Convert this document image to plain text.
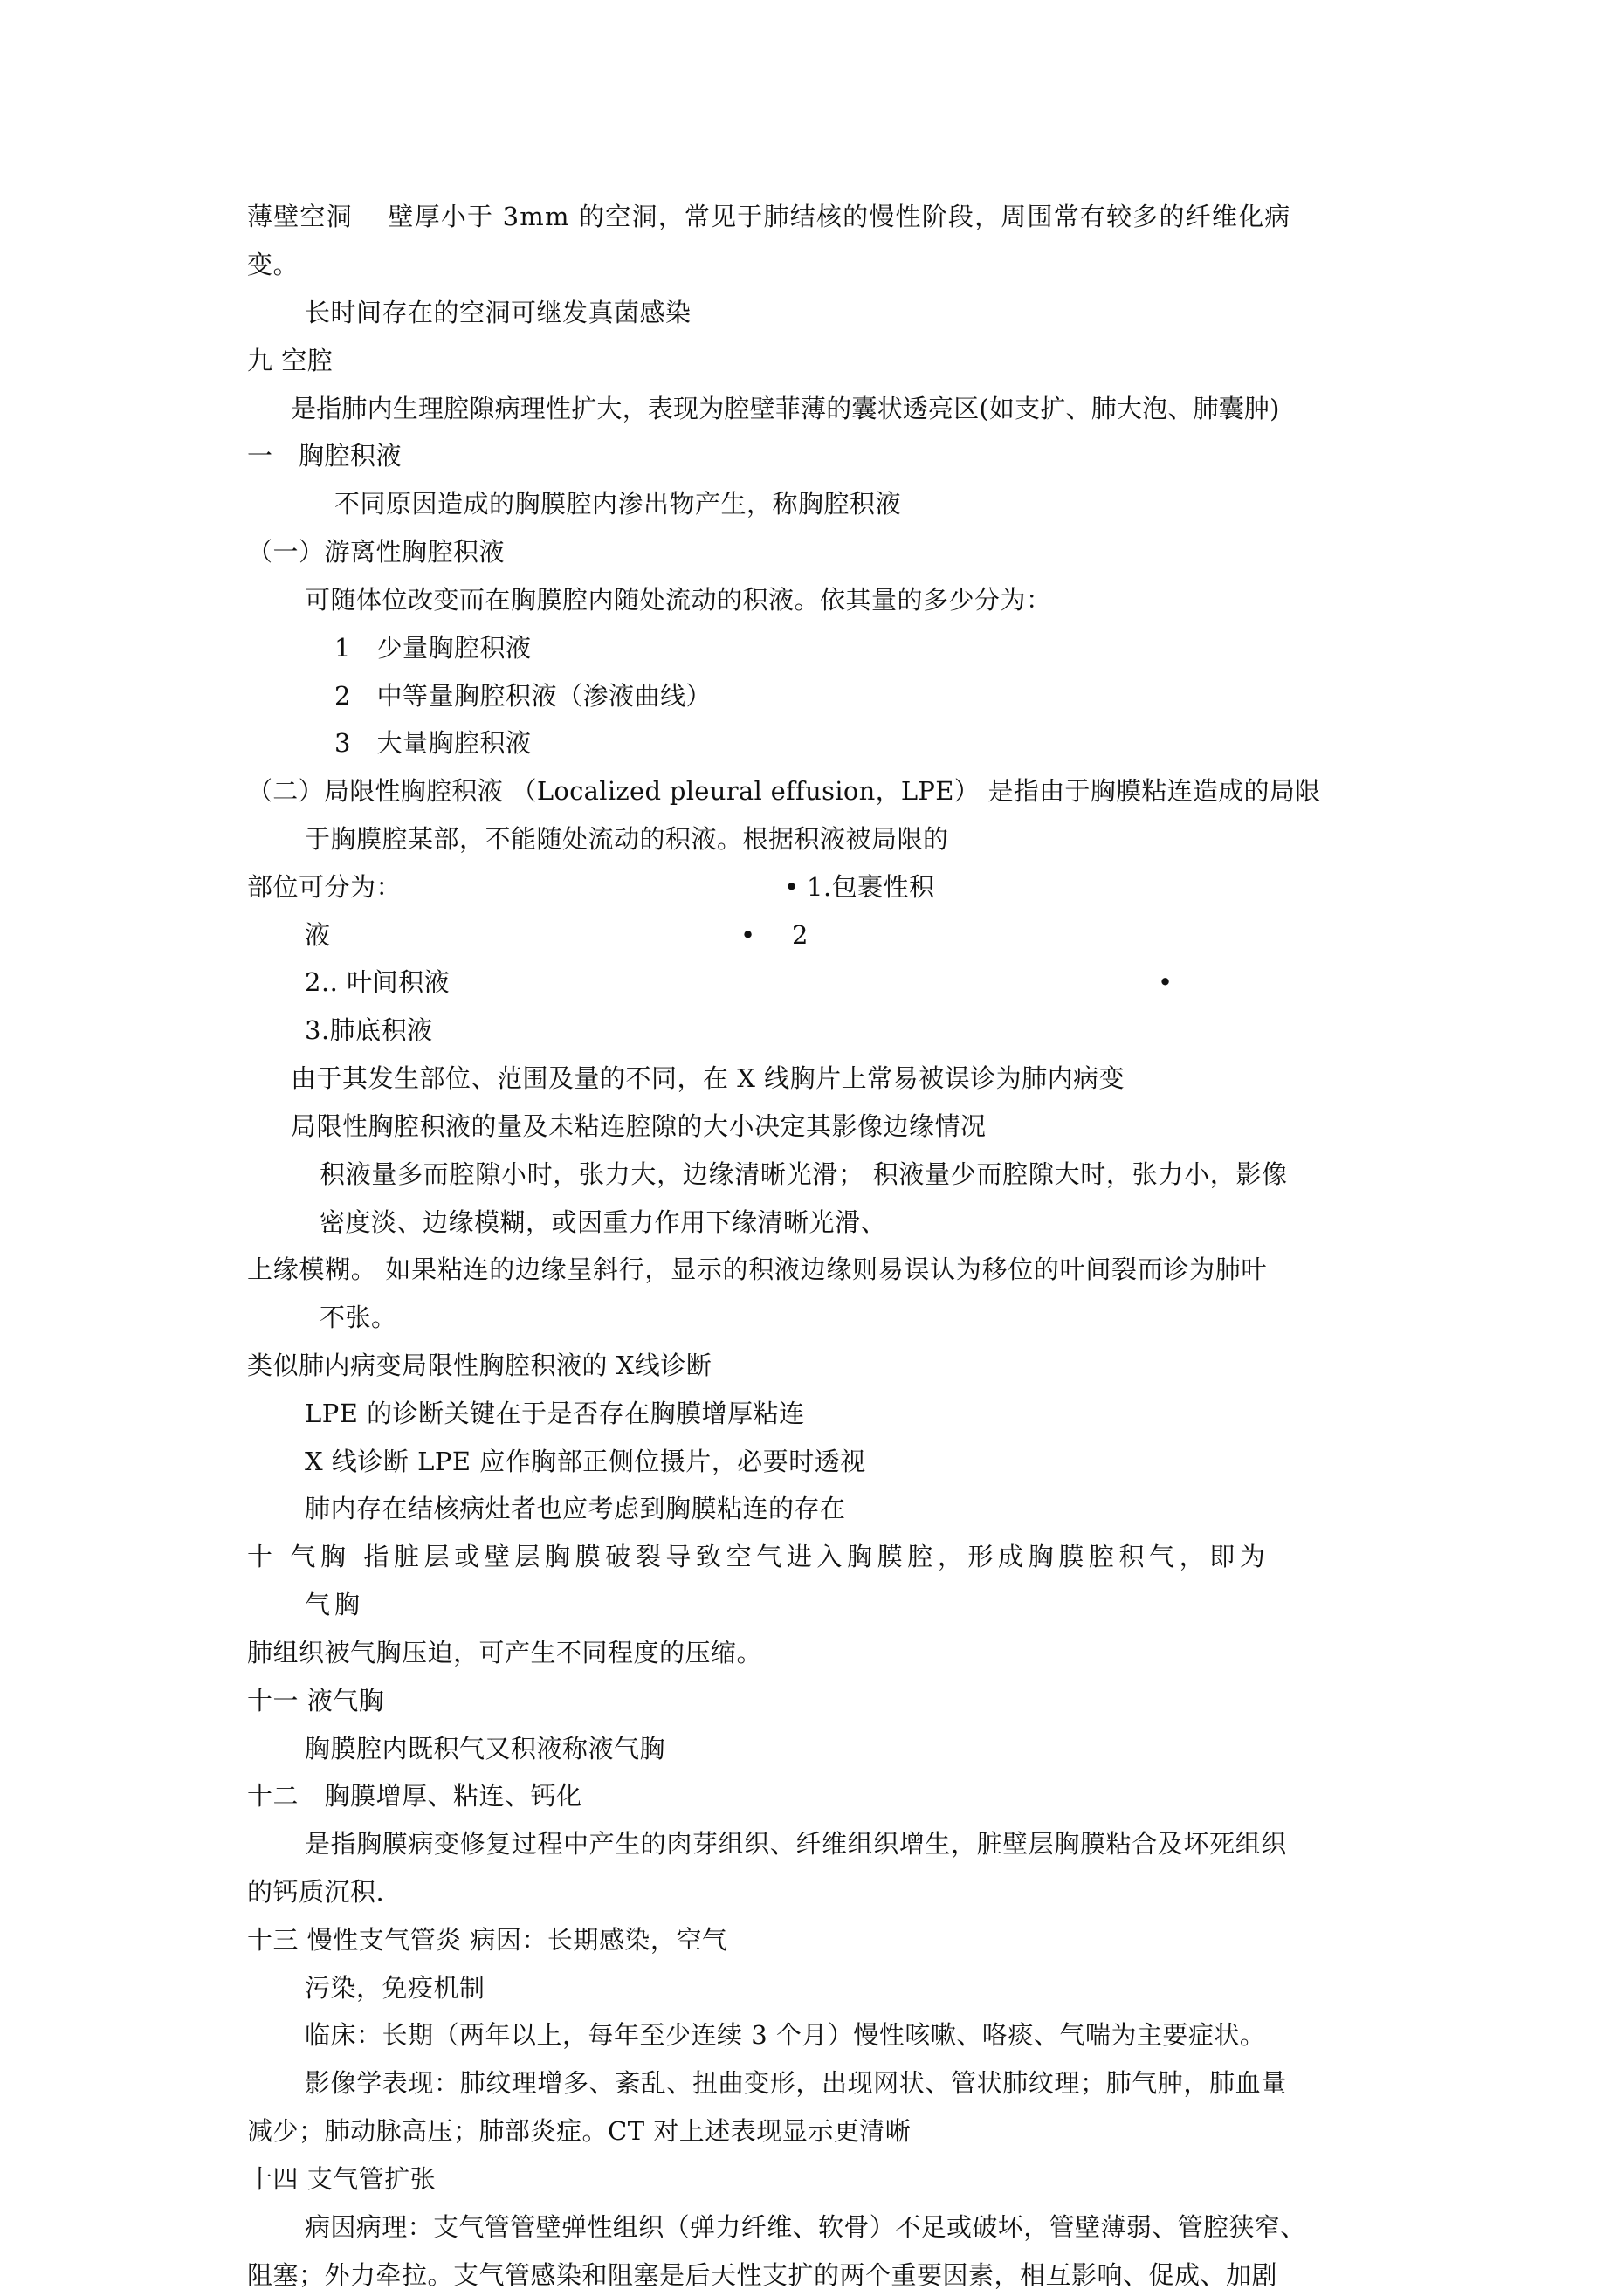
薄壁空洞　 壁厚小于 3mm 的空洞，常见于肺结核的慢性阶段，周围常有较多的纤维化病
变。
长时间存在的空洞可继发真菌感染
九 空腔
是指肺内生理腔隙病理性扩大，表现为腔壁菲薄的囊状透亮区(如支扩、肺大泡、肺囊肿)
一　胸腔积液
不同原因造成的胸膜腔内渗出物产生，称胸腔积液
（一）游离性胸腔积液
可随体位改变而在胸膜腔内随处流动的积液。依其量的多少分为：
1　少量胸腔积液
2　中等量胸腔积液（渗液曲线）
3　大量胸腔积液
（二）局限性胸腔积液 （Localized pleural effusion，LPE） 是指由于胸膜粘连造成的局限
于胸膜腔某部，不能随处流动的积液。根据积液被局限的
部位可分为：	• 1.包裹性积
液	• 2
2.. 叶间积液	•
3.肺底积液
由于其发生部位、范围及量的不同，在 X 线胸片上常易被误诊为肺内病变
局限性胸腔积液的量及未粘连腔隙的大小决定其影像边缘情况
积液量多而腔隙小时，张力大，边缘清晰光滑； 积液量少而腔隙大时，张力小，影像
密度淡、边缘模糊，或因重力作用下缘清晰光滑、
上缘模糊。 如果粘连的边缘呈斜行，显示的积液边缘则易误认为移位的叶间裂而诊为肺叶
不张。
类似肺内病变局限性胸腔积液的 X线诊断
LPE 的诊断关键在于是否存在胸膜增厚粘连
X 线诊断 LPE 应作胸部正侧位摄片，必要时透视
肺内存在结核病灶者也应考虑到胸膜粘连的存在
十 气胸 指脏层或壁层胸膜破裂导致空气进入胸膜腔，形成胸膜腔积气，即为
气胸
肺组织被气胸压迫，可产生不同程度的压缩。
十一 液气胸
胸膜腔内既积气又积液称液气胸
十二　胸膜增厚、粘连、钙化
是指胸膜病变修复过程中产生的肉芽组织、纤维组织增生，脏壁层胸膜粘合及坏死组织
的钙质沉积.
十三 慢性支气管炎 病因：长期感染，空气
污染，免疫机制
临床：长期（两年以上，每年至少连续 3 个月）慢性咳嗽、咯痰、气喘为主要症状。
影像学表现：肺纹理增多、紊乱、扭曲变形，出现网状、管状肺纹理；肺气肿，肺血量
减少；肺动脉高压；肺部炎症。CT 对上述表现显示更清晰
十四 支气管扩张
病因病理：支气管管壁弹性组织（弹力纤维、软骨）不足或破坏，管壁薄弱、管腔狭窄、
阻塞；外力牵拉。支气管感染和阻塞是后天性支扩的两个重要因素，相互影响、促成、加剧
